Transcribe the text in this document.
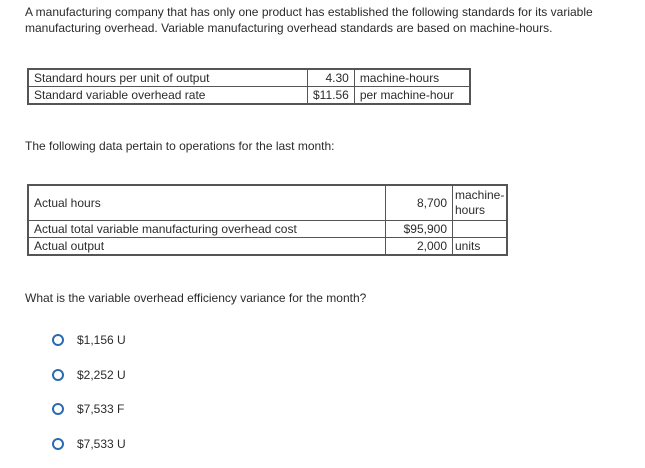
A manufacturing company that has only one product has established the following standards for its variable
manufacturing overhead. Variable manufacturing overhead standards are based on machine-hours.
Standard hours per unit of output	4.30	machine-hours
Standard variable overhead rate	$11.56	per machine-hour
The following data pertain to operations for the last month:
Actual hours	8,700	machine-hours
Actual total variable manufacturing overhead cost	$95,900	
Actual output	2,000	units
What is the variable overhead efficiency variance for the month?
$1,156 U
$2,252 U
$7,533 F
$7,533 U
